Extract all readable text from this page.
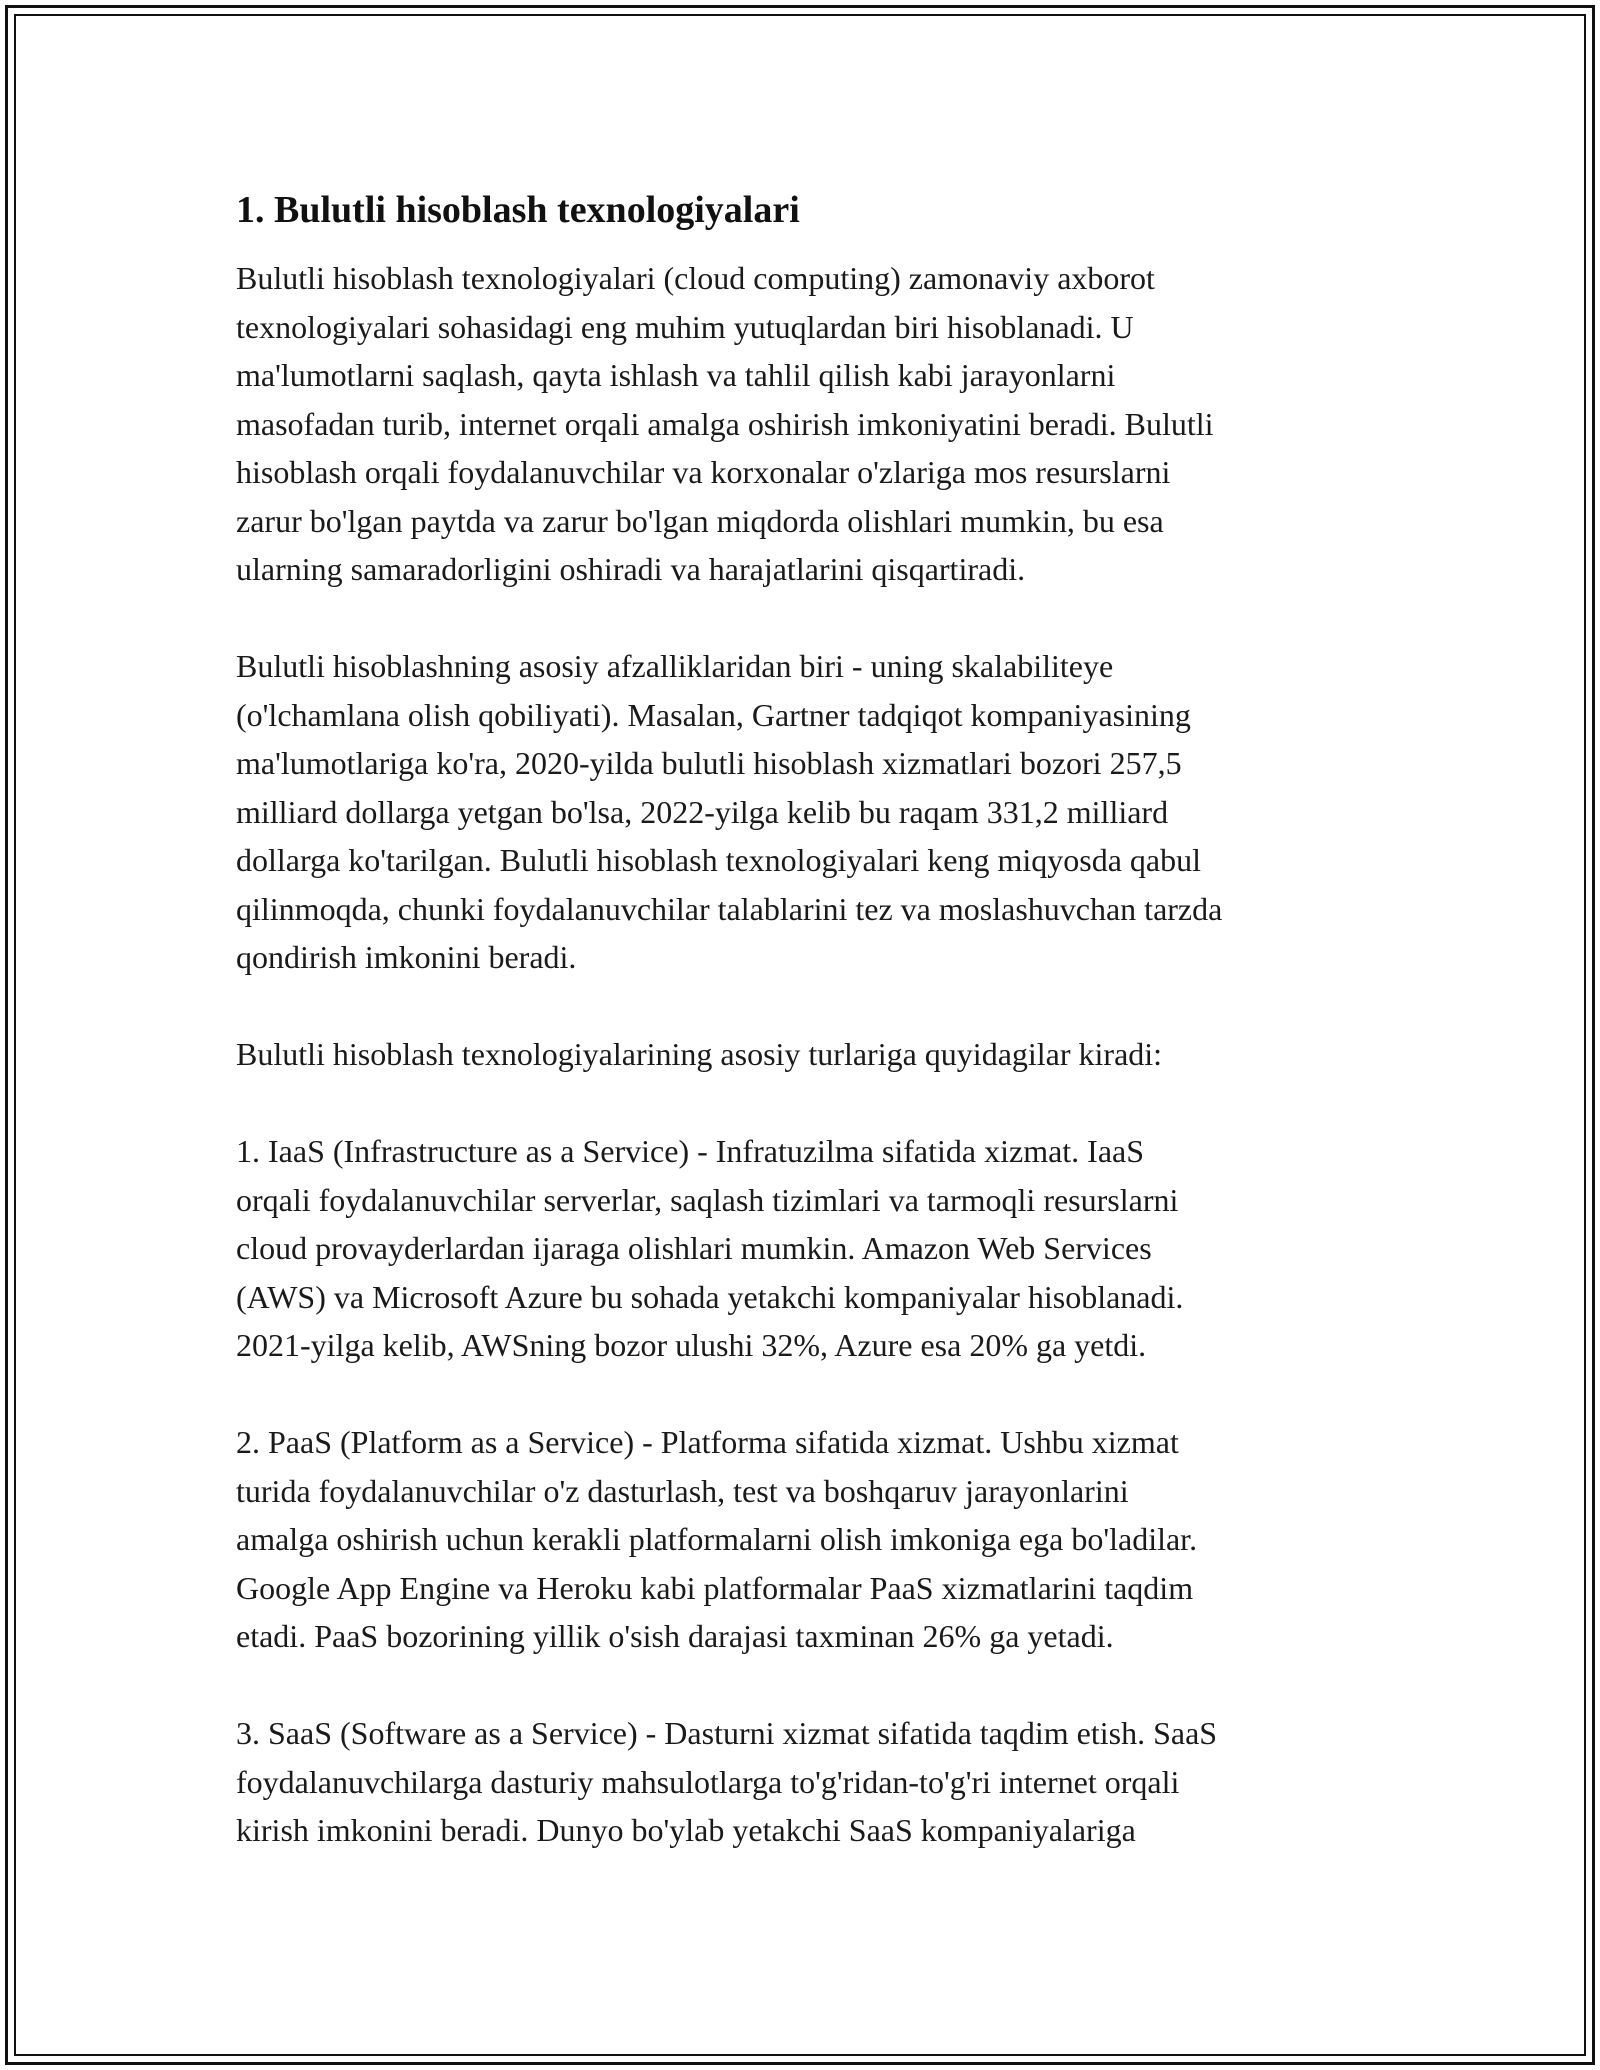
1. Bulutli hisoblash texnologiyalari

Bulutli hisoblash texnologiyalari (cloud computing) zamonaviy axborot
texnologiyalari sohasidagi eng muhim yutuqlardan biri hisoblanadi. U
ma'lumotlarni saqlash, qayta ishlash va tahlil qilish kabi jarayonlarni
masofadan turib, internet orqali amalga oshirish imkoniyatini beradi. Bulutli
hisoblash orqali foydalanuvchilar va korxonalar o'zlariga mos resurslarni
zarur bo'lgan paytda va zarur bo'lgan miqdorda olishlari mumkin, bu esa
ularning samaradorligini oshiradi va harajatlarini qisqartiradi.

Bulutli hisoblashning asosiy afzalliklaridan biri - uning skalabiliteye
(o'lchamlana olish qobiliyati). Masalan, Gartner tadqiqot kompaniyasining
ma'lumotlariga ko'ra, 2020-yilda bulutli hisoblash xizmatlari bozori 257,5
milliard dollarga yetgan bo'lsa, 2022-yilga kelib bu raqam 331,2 milliard
dollarga ko'tarilgan. Bulutli hisoblash texnologiyalari keng miqyosda qabul
qilinmoqda, chunki foydalanuvchilar talablarini tez va moslashuvchan tarzda
qondirish imkonini beradi.

Bulutli hisoblash texnologiyalarining asosiy turlariga quyidagilar kiradi:

1. IaaS (Infrastructure as a Service) - Infratuzilma sifatida xizmat. IaaS
orqali foydalanuvchilar serverlar, saqlash tizimlari va tarmoqli resurslarni
cloud provayderlardan ijaraga olishlari mumkin. Amazon Web Services
(AWS) va Microsoft Azure bu sohada yetakchi kompaniyalar hisoblanadi.
2021-yilga kelib, AWSning bozor ulushi 32%, Azure esa 20% ga yetdi.

2. PaaS (Platform as a Service) - Platforma sifatida xizmat. Ushbu xizmat
turida foydalanuvchilar o'z dasturlash, test va boshqaruv jarayonlarini
amalga oshirish uchun kerakli platformalarni olish imkoniga ega bo'ladilar.
Google App Engine va Heroku kabi platformalar PaaS xizmatlarini taqdim
etadi. PaaS bozorining yillik o'sish darajasi taxminan 26% ga yetadi.

3. SaaS (Software as a Service) - Dasturni xizmat sifatida taqdim etish. SaaS
foydalanuvchilarga dasturiy mahsulotlarga to'g'ridan-to'g'ri internet orqali
kirish imkonini beradi. Dunyo bo'ylab yetakchi SaaS kompaniyalariga
